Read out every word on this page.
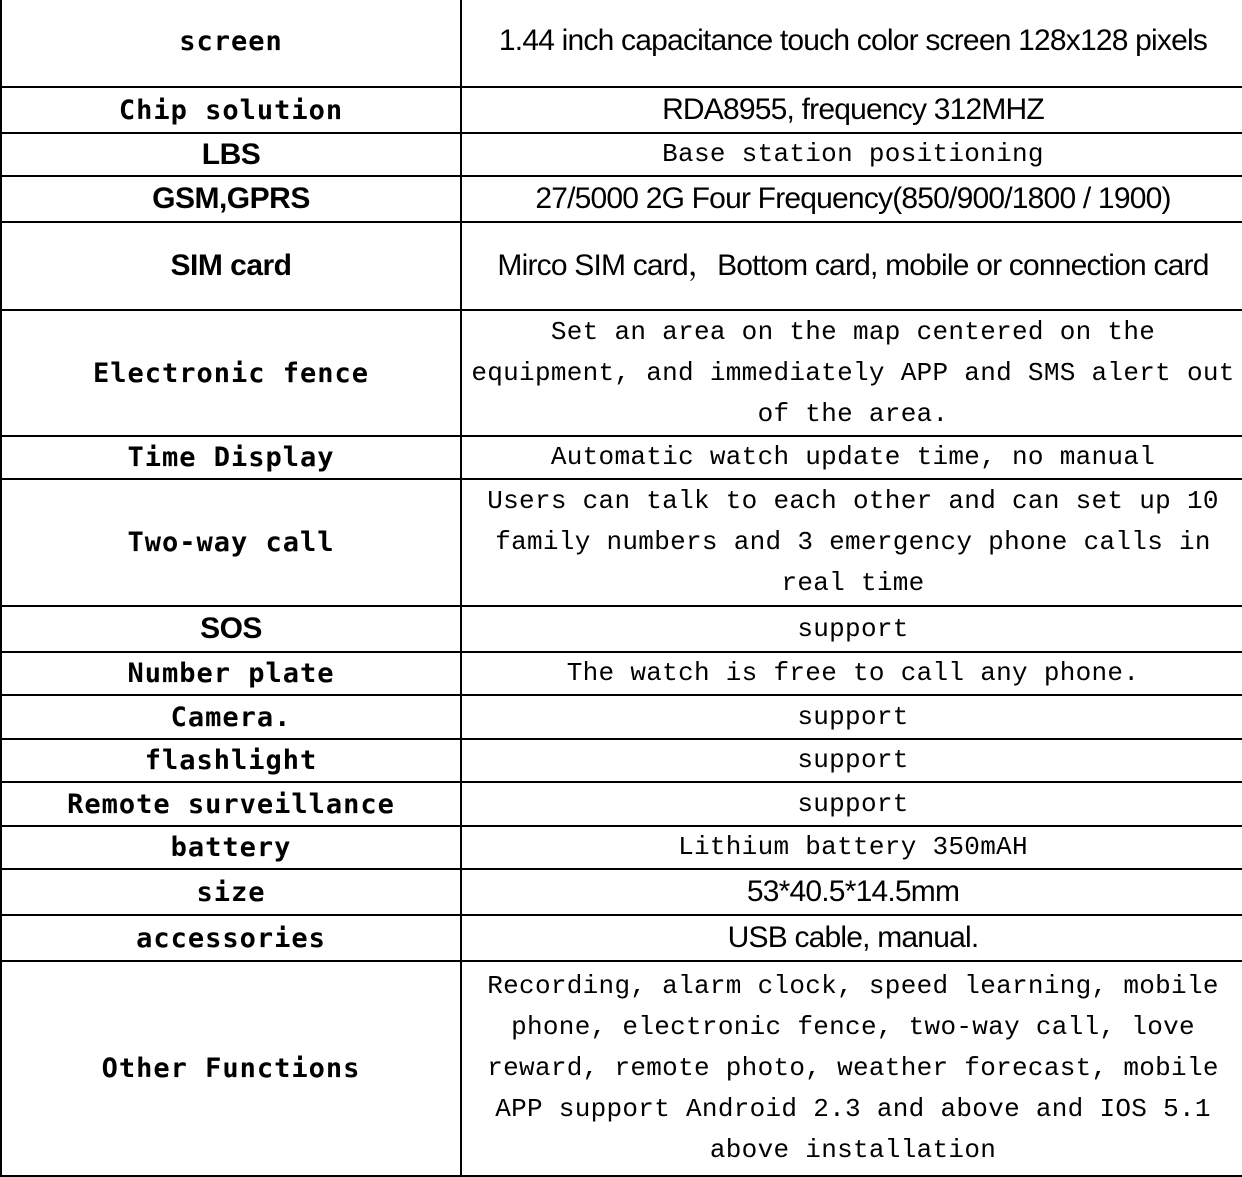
screen	1.44 inch capacitance touch color screen 128x128 pixels
Chip solution	RDA8955, frequency 312MHZ
LBS	Base station positioning
GSM,GPRS	27/5000 2G Four Frequency(850/900/1800 / 1900)
SIM card	Mirco SIM card，Bottom card, mobile or connection card
Electronic fence	Set an area on the map centered on the equipment, and immediately APP and SMS alert out of the area.
Time Display	Automatic watch update time, no manual
Two-way call	Users can talk to each other and can set up 10 family numbers and 3 emergency phone calls in real time
SOS	support
Number plate	The watch is free to call any phone.
Camera.	support
flashlight	support
Remote surveillance	support
battery	Lithium battery 350mAH
size	53*40.5*14.5mm
accessories	USB cable, manual.
Other Functions	Recording, alarm clock, speed learning, mobile phone, electronic fence, two-way call, love reward, remote photo, weather forecast, mobile APP support Android 2.3 and above and IOS 5.1 above installation
